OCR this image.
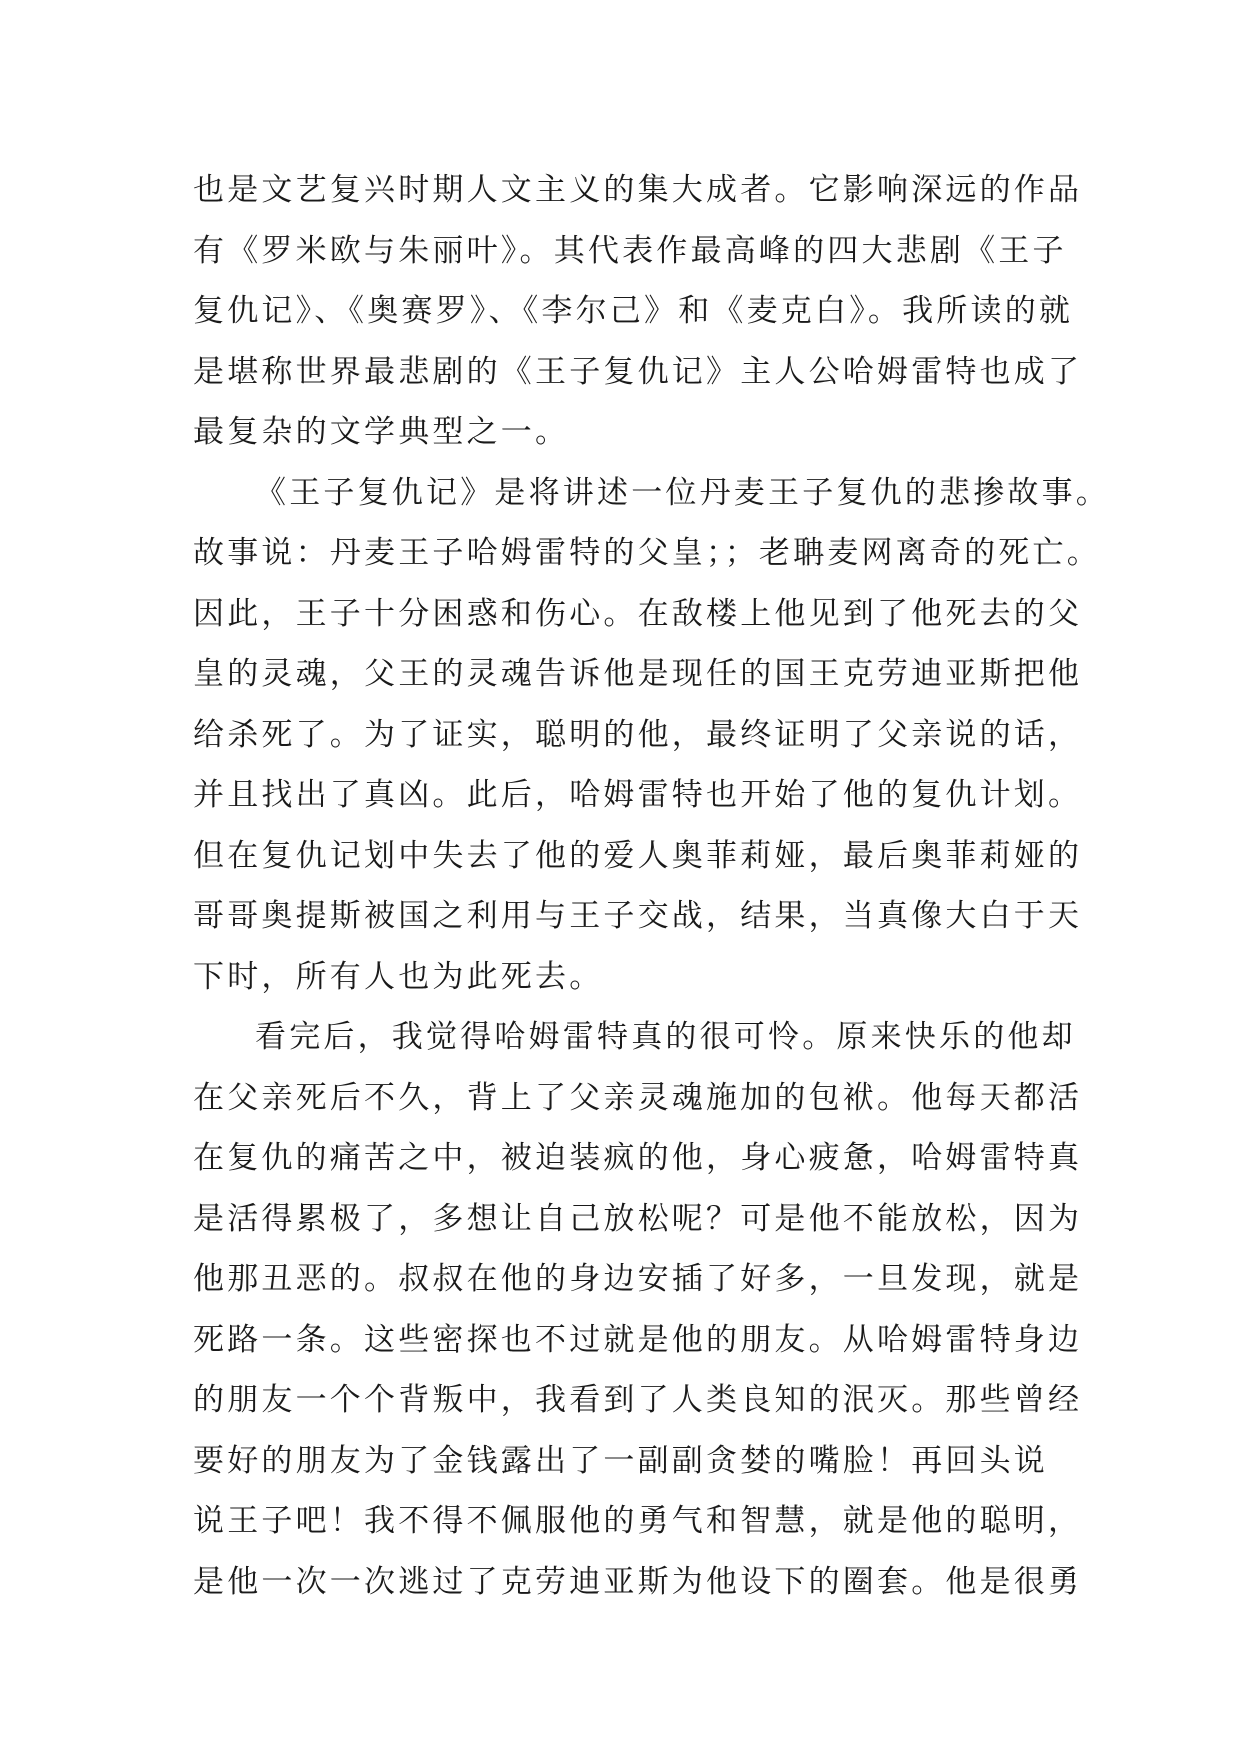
也是文艺复兴时期人文主义的集大成者。它影响深远的作品
有《罗米欧与朱丽叶》。其代表作最高峰的四大悲剧《王子
复仇记》、《奥赛罗》、《李尔己》和《麦克白》。我所读的就
是堪称世界最悲剧的《王子复仇记》主人公哈姆雷特也成了
最复杂的文学典型之一。
《王子复仇记》是将讲述一位丹麦王子复仇的悲掺故事。
故事说：丹麦王子哈姆雷特的父皇；；老聃麦网离奇的死亡。
因此，王子十分困惑和伤心。在敌楼上他见到了他死去的父
皇的灵魂，父王的灵魂告诉他是现任的国王克劳迪亚斯把他
给杀死了。为了证实，聪明的他，最终证明了父亲说的话，
并且找出了真凶。此后，哈姆雷特也开始了他的复仇计划。
但在复仇记划中失去了他的爱人奥菲莉娅，最后奥菲莉娅的
哥哥奥提斯被国之利用与王子交战，结果，当真像大白于天
下时，所有人也为此死去。
看完后，我觉得哈姆雷特真的很可怜。原来快乐的他却
在父亲死后不久，背上了父亲灵魂施加的包袱。他每天都活
在复仇的痛苦之中，被迫装疯的他，身心疲惫，哈姆雷特真
是活得累极了，多想让自己放松呢？可是他不能放松，因为
他那丑恶的。叔叔在他的身边安插了好多，一旦发现，就是
死路一条。这些密探也不过就是他的朋友。从哈姆雷特身边
的朋友一个个背叛中，我看到了人类良知的泯灭。那些曾经
要好的朋友为了金钱露出了一副副贪婪的嘴脸！再回头说
说王子吧！我不得不佩服他的勇气和智慧，就是他的聪明，
是他一次一次逃过了克劳迪亚斯为他设下的圈套。他是很勇
